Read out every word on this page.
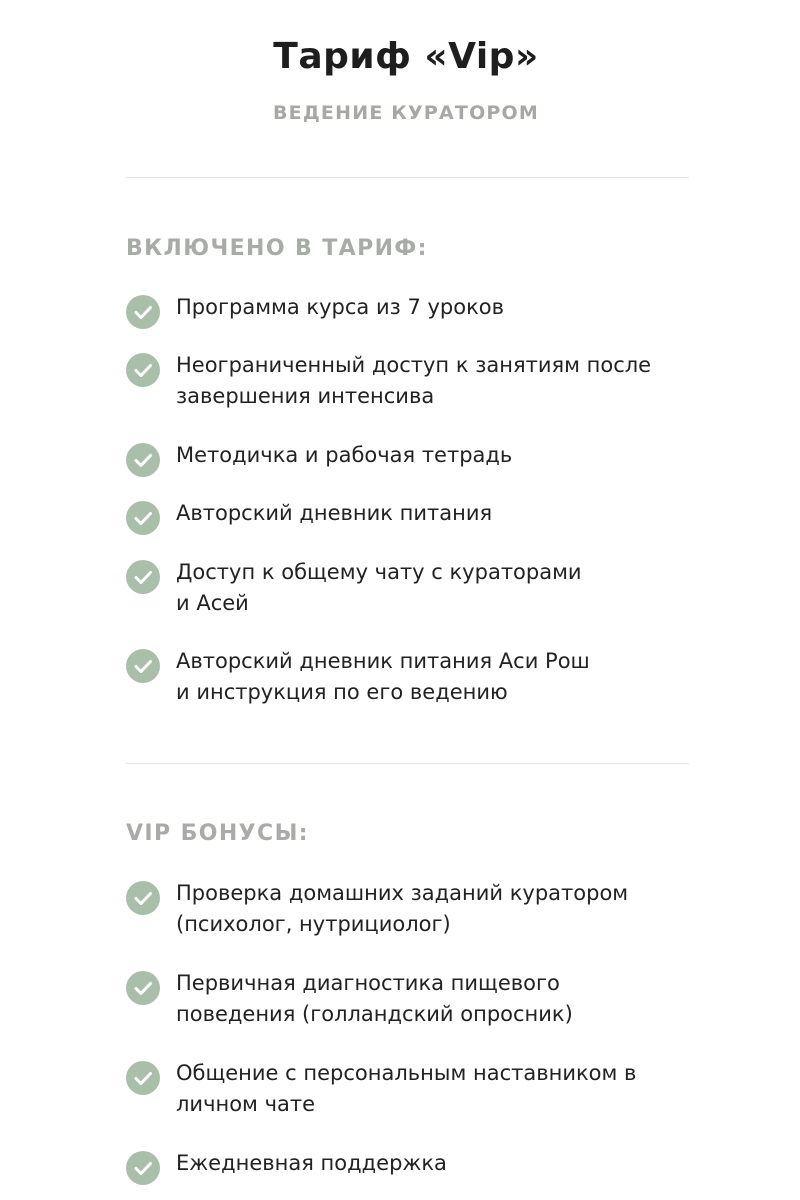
Тариф «Vip»
ВЕДЕНИЕ КУРАТОРОМ
ВКЛЮЧЕНО В ТАРИФ:
Программа курса из 7 уроков
Неограниченный доступ к занятиям после
завершения интенсива
Методичка и рабочая тетрадь
Авторский дневник питания
Доступ к общему чату с кураторами
и Асей
Авторский дневник питания Аси Рош
и инструкция по его ведению
VIP БОНУСЫ:
Проверка домашних заданий куратором
(психолог, нутрициолог)
Первичная диагностика пищевого
поведения (голландский опросник)
Общение с персональным наставником в
личном чате
Ежедневная поддержка
